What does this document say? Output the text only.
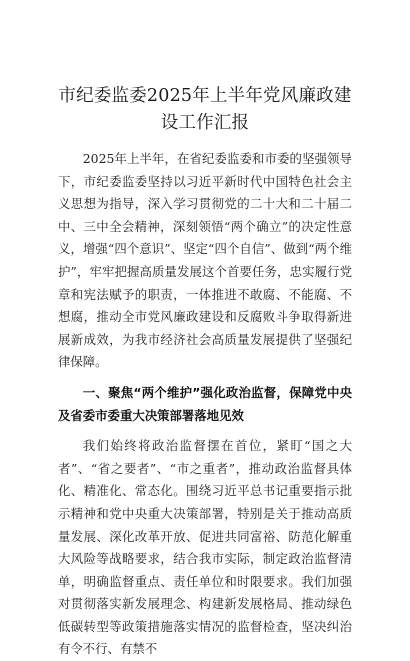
市纪委监委2025年上半年党风廉政建设工作汇报

2025年上半年，在省纪委监委和市委的坚强领导下，市纪委监委坚持以习近平新时代中国特色社会主义思想为指导，深入学习贯彻党的二十大和二十届二中、三中全会精神，深刻领悟“两个确立”的决定性意义，增强“四个意识”、坚定“四个自信”、做到“两个维护”，牢牢把握高质量发展这个首要任务，忠实履行党章和宪法赋予的职责，一体推进不敢腐、不能腐、不想腐，推动全市党风廉政建设和反腐败斗争取得新进展新成效，为我市经济社会高质量发展提供了坚强纪律保障。

一、聚焦“两个维护”强化政治监督，保障党中央及省委市委重大决策部署落地见效

我们始终将政治监督摆在首位，紧盯“国之大者”、“省之要者”、“市之重者”，推动政治监督具体化、精准化、常态化。围绕习近平总书记重要指示批示精神和党中央重大决策部署，特别是关于推动高质量发展、深化改革开放、促进共同富裕、防范化解重大风险等战略要求，结合我市实际，制定政治监督清单，明确监督重点、责任单位和时限要求。我们加强对贯彻落实新发展理念、构建新发展格局、推动绿色低碳转型等政策措施落实情况的监督检查，坚决纠治有令不行、有禁不
